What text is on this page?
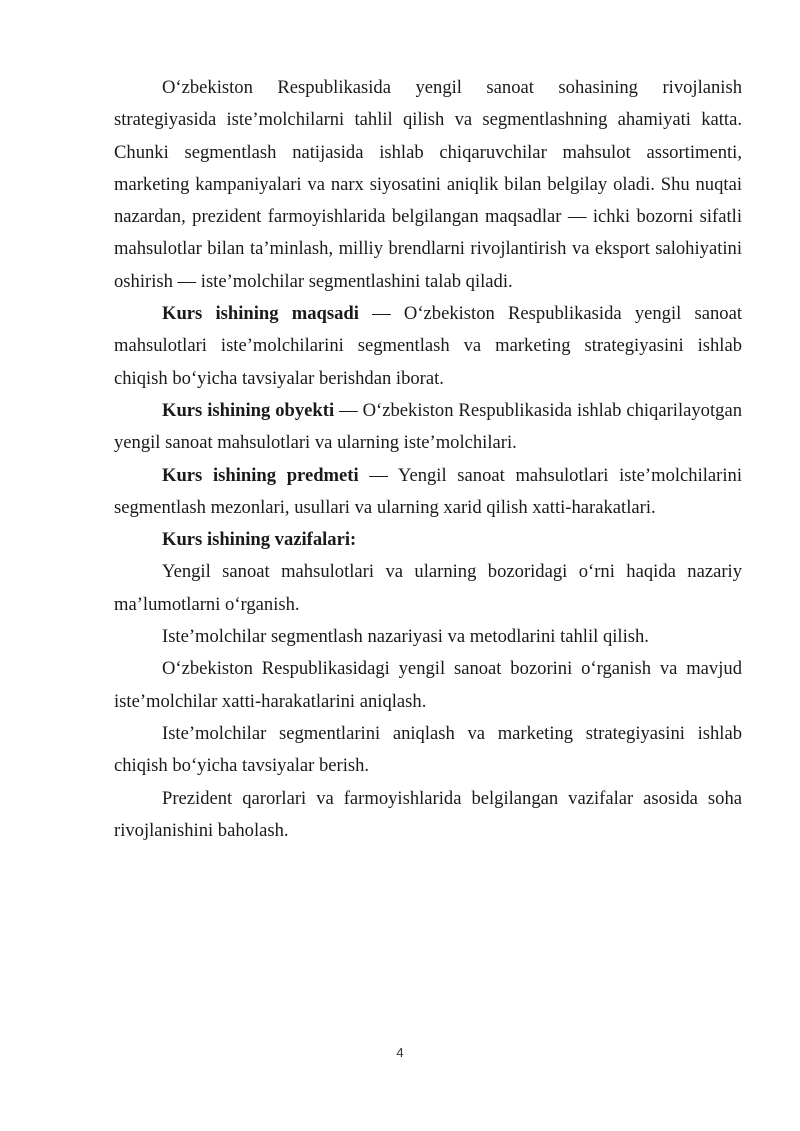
O‘zbekiston Respublikasida yengil sanoat sohasining rivojlanish strategiyasida iste’molchilarni tahlil qilish va segmentlashning ahamiyati katta. Chunki segmentlash natijasida ishlab chiqaruvchilar mahsulot assortimenti, marketing kampaniyalari va narx siyosatini aniqlik bilan belgilay oladi. Shu nuqtai nazardan, prezident farmoyishlarida belgilangan maqsadlar — ichki bozorni sifatli mahsulotlar bilan ta’minlash, milliy brendlarni rivojlantirish va eksport salohiyatini oshirish — iste’molchilar segmentlashini talab qiladi.

Kurs ishining maqsadi — O‘zbekiston Respublikasida yengil sanoat mahsulotlari iste’molchilarini segmentlash va marketing strategiyasini ishlab chiqish bo‘yicha tavsiyalar berishdan iborat.

Kurs ishining obyekti — O‘zbekiston Respublikasida ishlab chiqarilayotgan yengil sanoat mahsulotlari va ularning iste’molchilari.

Kurs ishining predmeti — Yengil sanoat mahsulotlari iste’molchilarini segmentlash mezonlari, usullari va ularning xarid qilish xatti-harakatlari.

Kurs ishining vazifalari:

Yengil sanoat mahsulotlari va ularning bozoridagi o‘rni haqida nazariy ma’lumotlarni o‘rganish.

Iste’molchilar segmentlash nazariyasi va metodlarini tahlil qilish.

O‘zbekiston Respublikasidagi yengil sanoat bozorini o‘rganish va mavjud iste’molchilar xatti-harakatlarini aniqlash.

Iste’molchilar segmentlarini aniqlash va marketing strategiyasini ishlab chiqish bo‘yicha tavsiyalar berish.

Prezident qarorlari va farmoyishlarida belgilangan vazifalar asosida soha rivojlanishini baholash.

4
